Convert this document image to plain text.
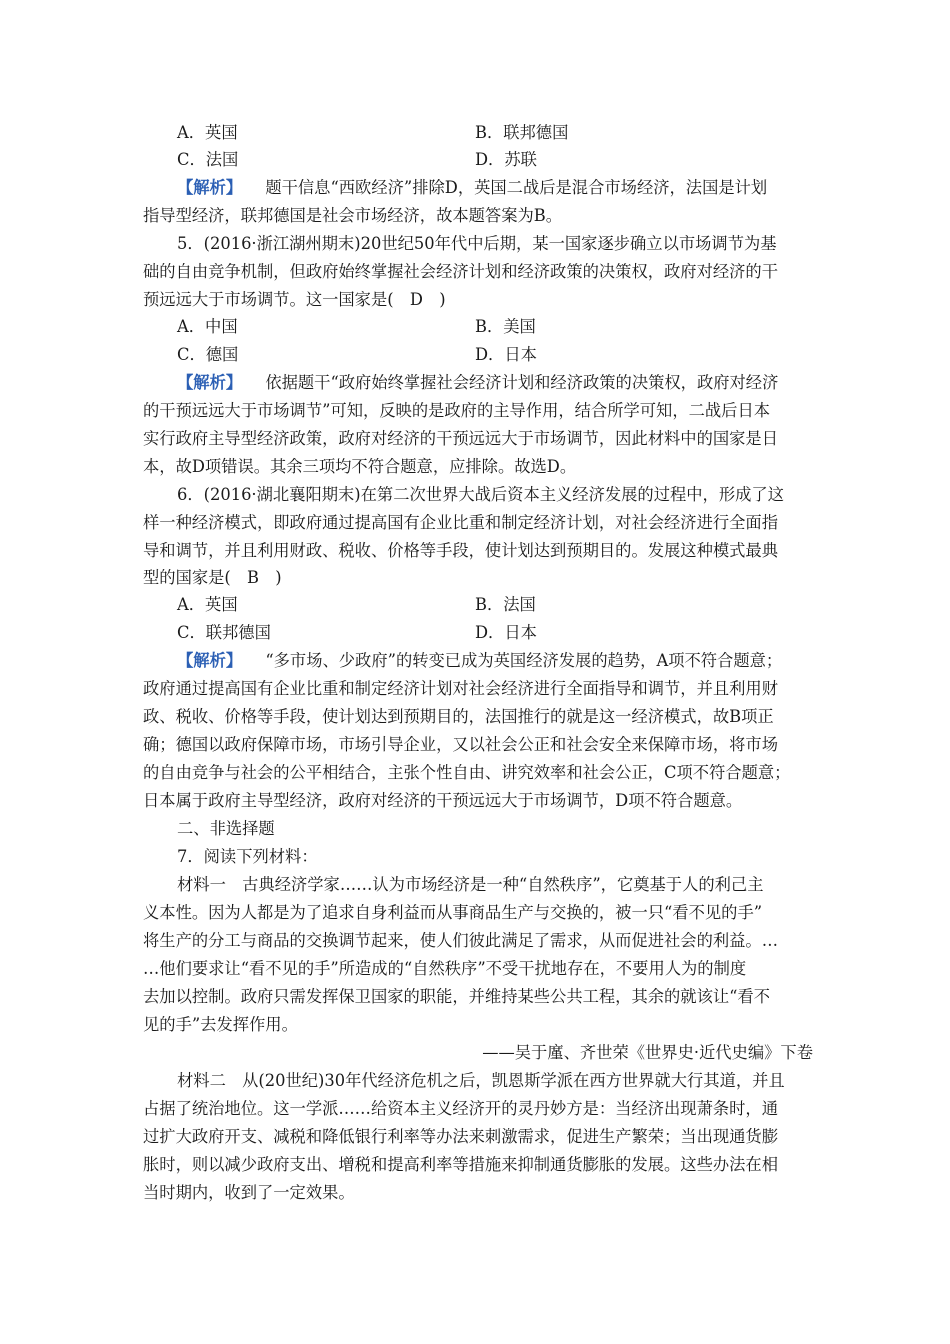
A．英国	B．联邦德国
C．法国	D．苏联
【解析】 题干信息“西欧经济”排除D，英国二战后是混合市场经济，法国是计划
指导型经济，联邦德国是社会市场经济，故本题答案为B。
5．(2016·浙江湖州期末)20世纪50年代中后期，某一国家逐步确立以市场调节为基
础的自由竞争机制，但政府始终掌握社会经济计划和经济政策的决策权，政府对经济的干
预远远大于市场调节。这一国家是(　D　)
A．中国	B．美国
C．德国	D．日本
【解析】 依据题干“政府始终掌握社会经济计划和经济政策的决策权，政府对经济
的干预远远大于市场调节”可知，反映的是政府的主导作用，结合所学可知，二战后日本
实行政府主导型经济政策，政府对经济的干预远远大于市场调节，因此材料中的国家是日
本，故D项错误。其余三项均不符合题意，应排除。故选D。
6．(2016·湖北襄阳期末)在第二次世界大战后资本主义经济发展的过程中，形成了这
样一种经济模式，即政府通过提高国有企业比重和制定经济计划，对社会经济进行全面指
导和调节，并且利用财政、税收、价格等手段，使计划达到预期目的。发展这种模式最典
型的国家是(　B　)
A．英国	B．法国
C．联邦德国	D．日本
【解析】 “多市场、少政府”的转变已成为英国经济发展的趋势，A项不符合题意；
政府通过提高国有企业比重和制定经济计划对社会经济进行全面指导和调节，并且利用财
政、税收、价格等手段，使计划达到预期目的，法国推行的就是这一经济模式，故B项正
确；德国以政府保障市场，市场引导企业，又以社会公正和社会安全来保障市场，将市场
的自由竞争与社会的公平相结合，主张个性自由、讲究效率和社会公正，C项不符合题意；
日本属于政府主导型经济，政府对经济的干预远远大于市场调节，D项不符合题意。
二、非选择题
7．阅读下列材料：
材料一　古典经济学家……认为市场经济是一种“自然秩序”，它奠基于人的利己主
义本性。因为人都是为了追求自身利益而从事商品生产与交换的，被一只“看不见的手”
将生产的分工与商品的交换调节起来，使人们彼此满足了需求，从而促进社会的利益。…
…他们要求让“看不见的手”所造成的“自然秩序”不受干扰地存在，不要用人为的制度
去加以控制。政府只需发挥保卫国家的职能，并维持某些公共工程，其余的就该让“看不
见的手”去发挥作用。
——吴于廑、齐世荣《世界史·近代史编》下卷
材料二　从(20世纪)30年代经济危机之后，凯恩斯学派在西方世界就大行其道，并且
占据了统治地位。这一学派……给资本主义经济开的灵丹妙方是：当经济出现萧条时，通
过扩大政府开支、减税和降低银行利率等办法来刺激需求，促进生产繁荣；当出现通货膨
胀时，则以减少政府支出、增税和提高利率等措施来抑制通货膨胀的发展。这些办法在相
当时期内，收到了一定效果。
